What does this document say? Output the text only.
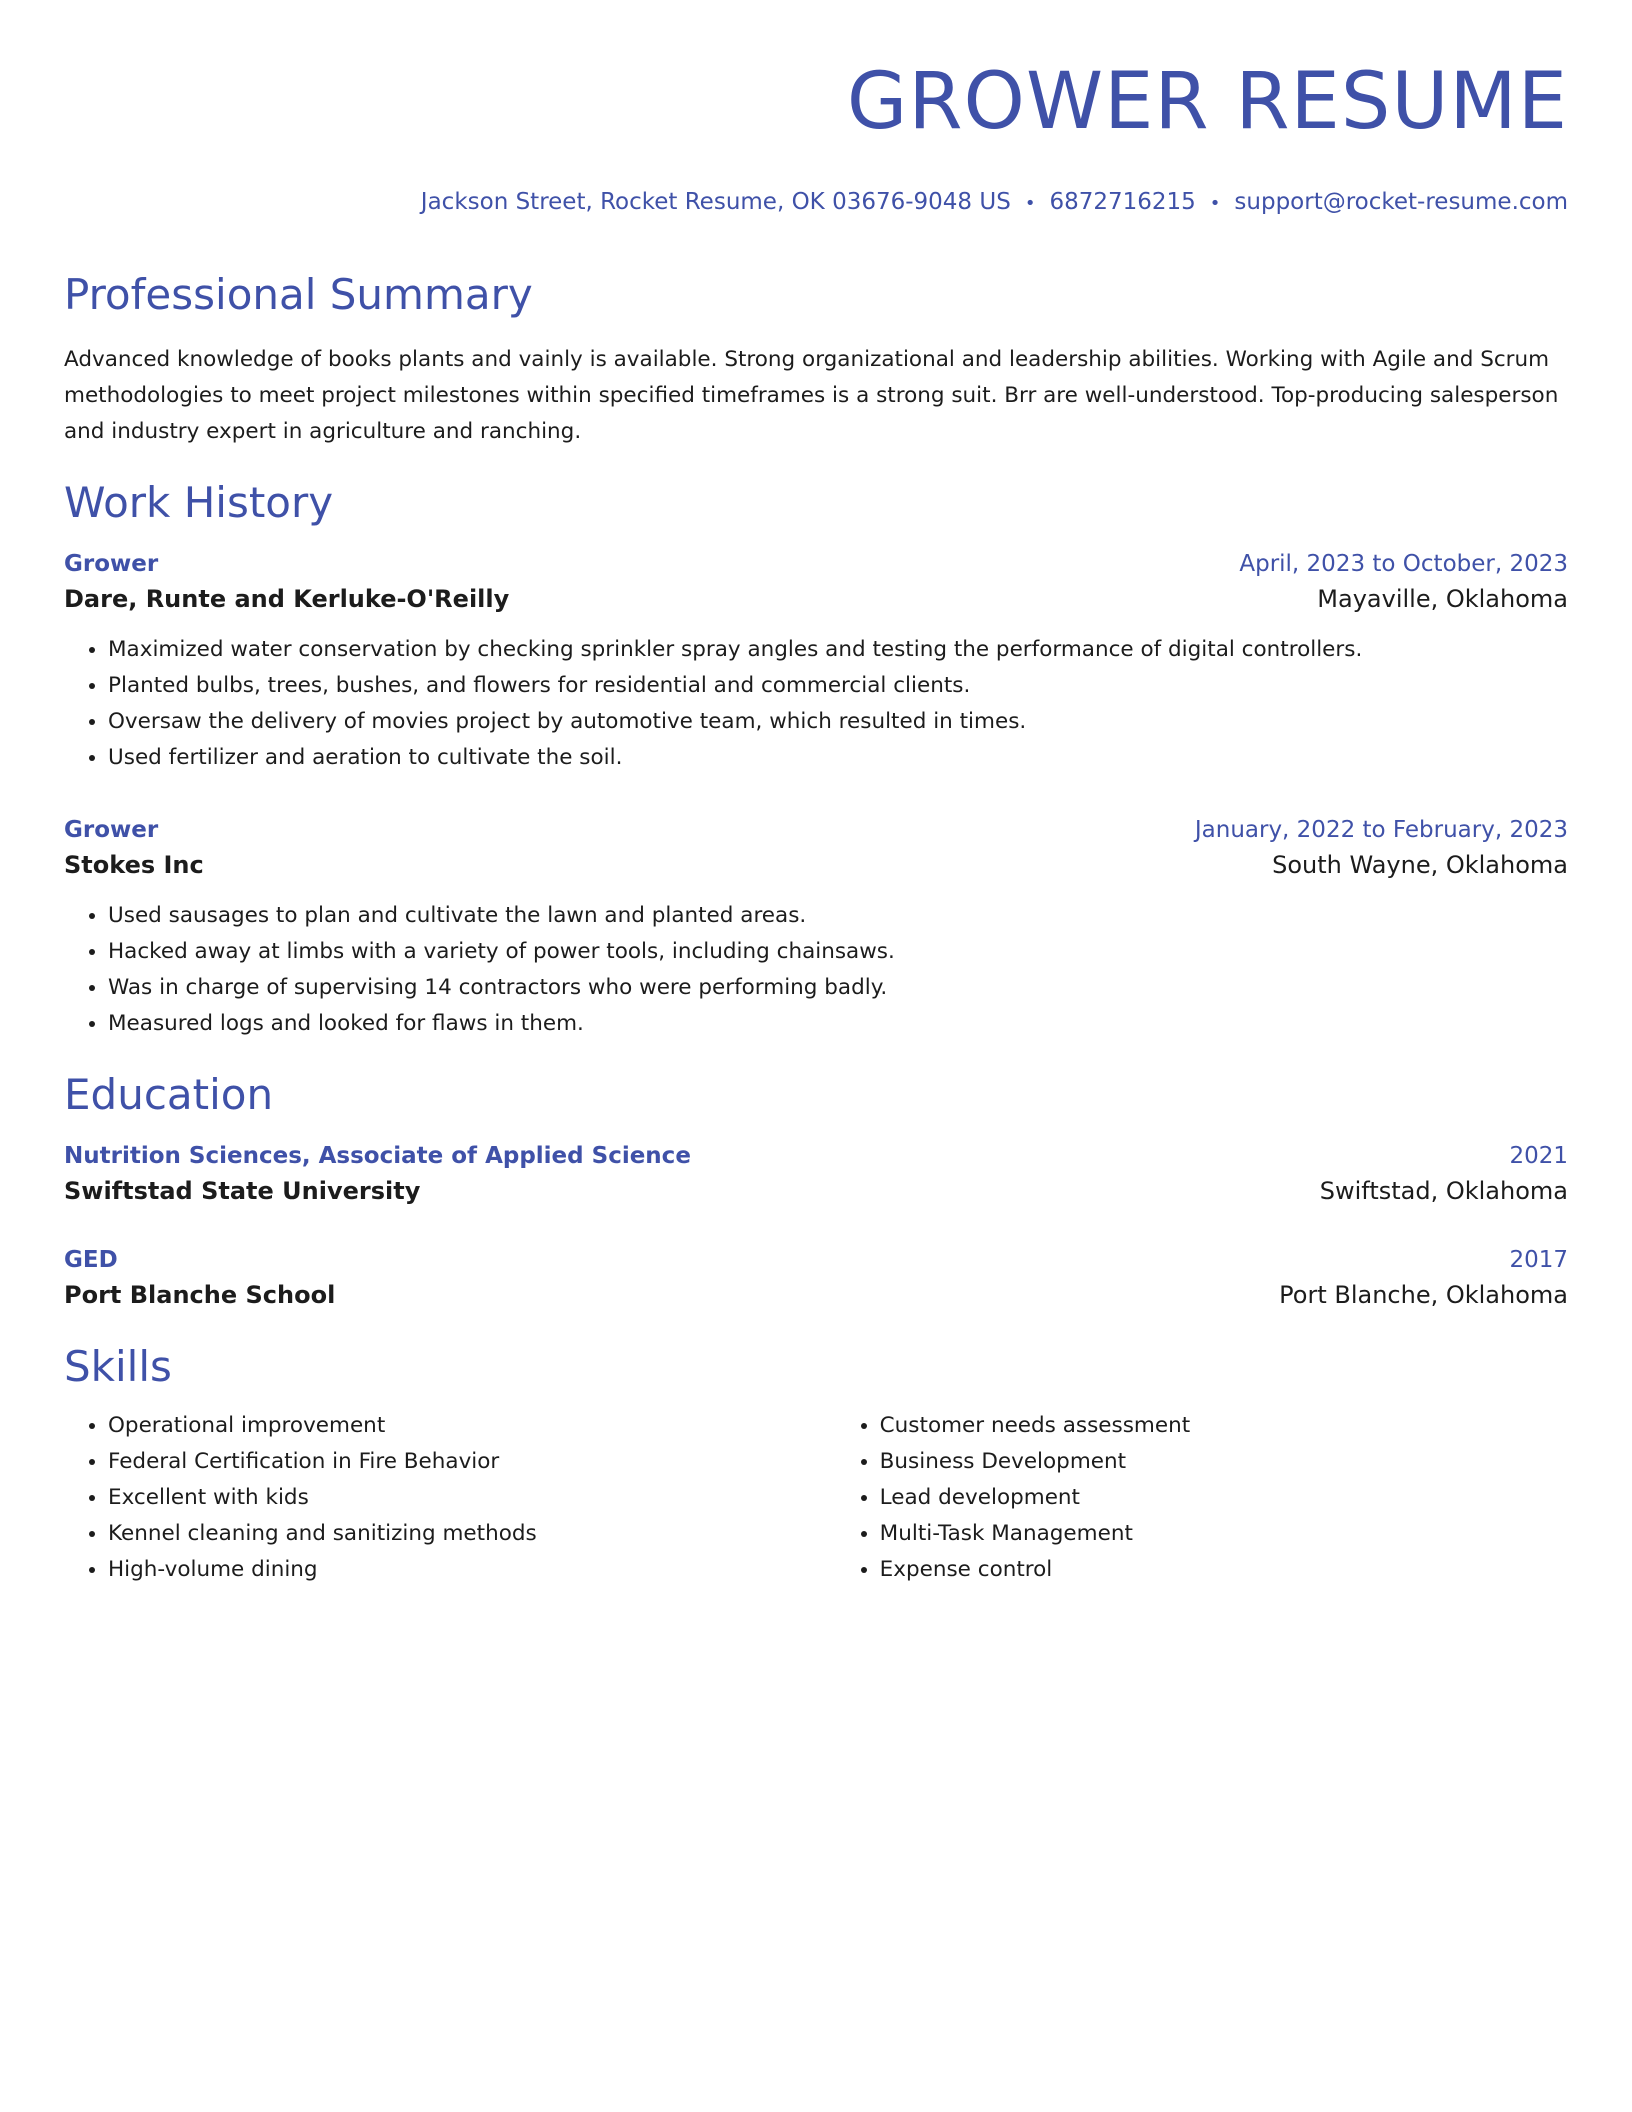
GROWER RESUME
Jackson Street, Rocket Resume, OK 03676-9048 US • 6872716215 • support@rocket-resume.com
Professional Summary

Advanced knowledge of books plants and vainly is available. Strong organizational and leadership abilities. Working with Agile and Scrum methodologies to meet project milestones within specified timeframes is a strong suit. Brr are well-understood. Top-producing salesperson and industry expert in agriculture and ranching.

Work History
Grower	April, 2023 to October, 2023
Dare, Runte and Kerluke-O'Reilly	Mayaville, Oklahoma
• Maximized water conservation by checking sprinkler spray angles and testing the performance of digital controllers.
• Planted bulbs, trees, bushes, and flowers for residential and commercial clients.
• Oversaw the delivery of movies project by automotive team, which resulted in times.
• Used fertilizer and aeration to cultivate the soil.
Grower	January, 2022 to February, 2023
Stokes Inc	South Wayne, Oklahoma
• Used sausages to plan and cultivate the lawn and planted areas.
• Hacked away at limbs with a variety of power tools, including chainsaws.
• Was in charge of supervising 14 contractors who were performing badly.
• Measured logs and looked for flaws in them.
Education
Nutrition Sciences, Associate of Applied Science	2021
Swiftstad State University	Swiftstad, Oklahoma
GED	2017
Port Blanche School	Port Blanche, Oklahoma
Skills
• Operational improvement
• Federal Certification in Fire Behavior
• Excellent with kids
• Kennel cleaning and sanitizing methods
• High-volume dining
• Customer needs assessment
• Business Development
• Lead development
• Multi-Task Management
• Expense control
